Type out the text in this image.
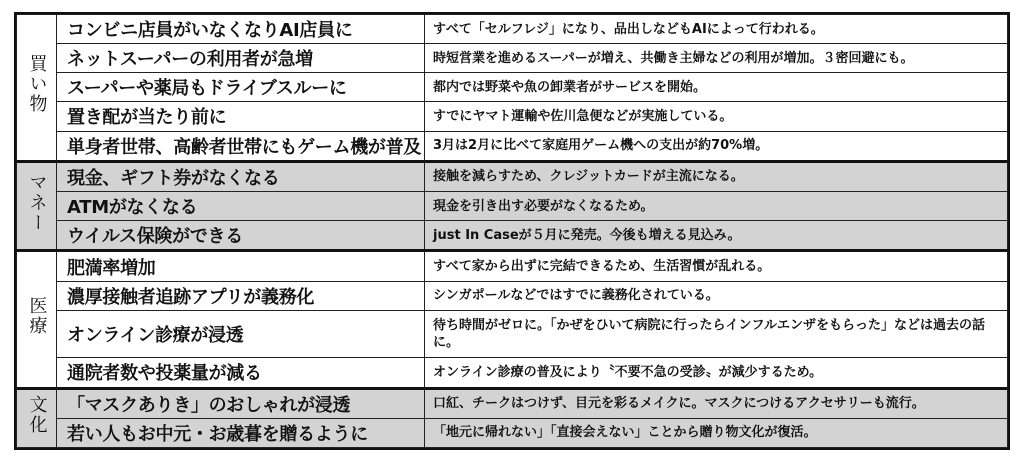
買い物	コンビニ店員がいなくなりAI店員に	すべて「セルフレジ」になり、品出しなどもAIによって行われる。
	ネットスーパーの利用者が急増	時短営業を進めるスーパーが増え、共働き主婦などの利用が増加。３密回避にも。
	スーパーや薬局もドライブスルーに	都内では野菜や魚の卸業者がサービスを開始。
	置き配が当たり前に	すでにヤマト運輸や佐川急便などが実施している。
	単身者世帯、高齢者世帯にもゲーム機が普及	3月は2月に比べて家庭用ゲーム機への支出が約70%増。
マネー	現金、ギフト券がなくなる	接触を減らすため、クレジットカードが主流になる。
	ATMがなくなる	現金を引き出す必要がなくなるため。
	ウイルス保険ができる	just In Caseが５月に発売。今後も増える見込み。
医療	肥満率増加	すべて家から出ずに完結できるため、生活習慣が乱れる。
	濃厚接触者追跡アプリが義務化	シンガポールなどではすでに義務化されている。
	オンライン診療が浸透	待ち時間がゼロに。「かぜをひいて病院に行ったらインフルエンザをもらった」などは過去の話に。
	通院者数や投薬量が減る	オンライン診療の普及により〝不要不急の受診〟が減少するため。
文化	「マスクありき」のおしゃれが浸透	口紅、チークはつけず、目元を彩るメイクに。マスクにつけるアクセサリーも流行。
	若い人もお中元・お歳暮を贈るように	「地元に帰れない」「直接会えない」ことから贈り物文化が復活。
